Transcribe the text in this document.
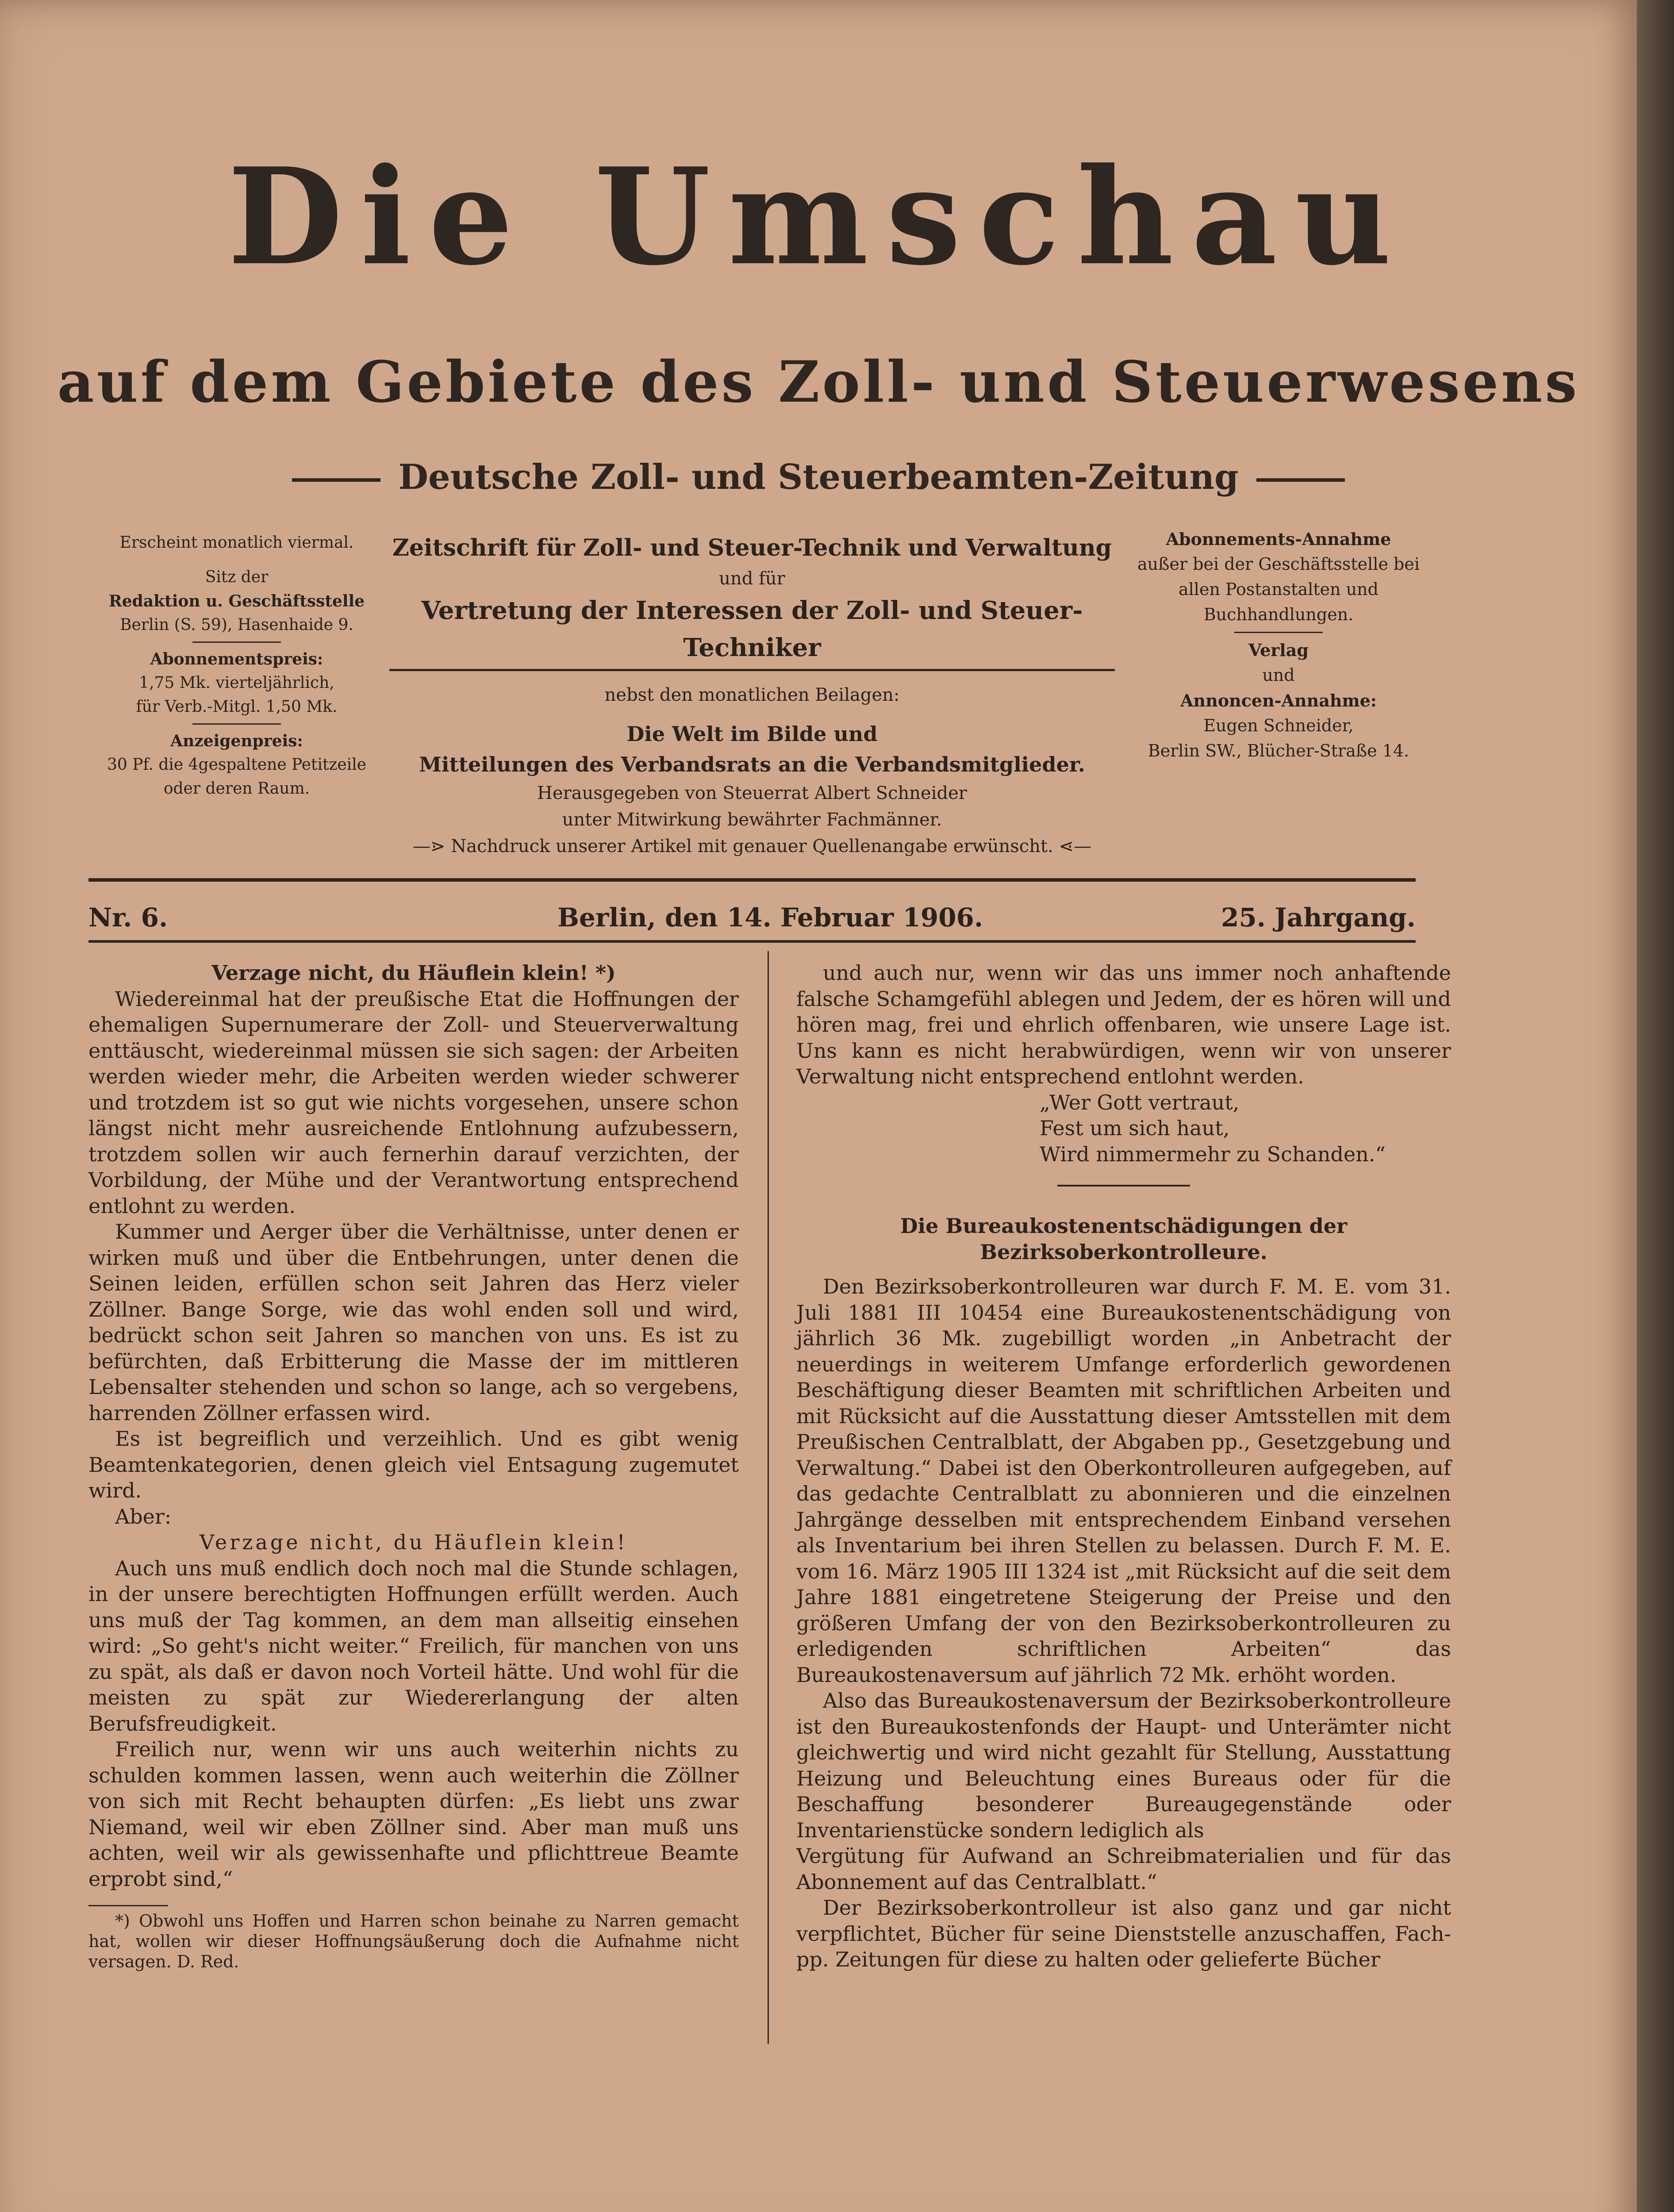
Die Umschau
auf dem Gebiete des Zoll- und Steuerwesens
Deutsche Zoll- und Steuerbeamten-Zeitung
Erscheint monatlich viermal.
Sitz der
Redaktion u. Geschäftsstelle
Berlin (S. 59), Hasenhaide 9.
Abonnementspreis:
1,75 Mk. vierteljährlich,
für Verb.-Mitgl. 1,50 Mk.
Anzeigenpreis:
30 Pf. die 4gespaltene Petitzeile
oder deren Raum.
Zeitschrift für Zoll- und Steuer-Technik und Verwaltung
und für
Vertretung der Interessen der Zoll- und Steuer-Techniker
nebst den monatlichen Beilagen:
Die Welt im Bilde und
Mitteilungen des Verbandsrats an die Verbandsmitglieder.
Herausgegeben von Steuerrat Albert Schneider
unter Mitwirkung bewährter Fachmänner.
—⋗ Nachdruck unserer Artikel mit genauer Quellenangabe erwünscht. ⋖—
Abonnements-Annahme
außer bei der Geschäftsstelle bei
allen Postanstalten und
Buchhandlungen.
Verlag
und
Annoncen-Annahme:
Eugen Schneider,
Berlin SW., Blücher-Straße 14.
Nr. 6.	Berlin, den 14. Februar 1906.	25. Jahrgang.

Verzage nicht, du Häuflein klein! *)

Wiedereinmal hat der preußische Etat die Hoffnungen der ehemaligen Supernumerare der Zoll- und Steuerverwaltung enttäuscht, wiedereinmal müssen sie sich sagen: der Arbeiten werden wieder mehr, die Arbeiten werden wieder schwerer und trotzdem ist so gut wie nichts vorgesehen, unsere schon längst nicht mehr ausreichende Entlohnung aufzubessern, trotzdem sollen wir auch fernerhin darauf verzichten, der Vorbildung, der Mühe und der Verantwortung entsprechend entlohnt zu werden.

Kummer und Aerger über die Verhältnisse, unter denen er wirken muß und über die Entbehrungen, unter denen die Seinen leiden, erfüllen schon seit Jahren das Herz vieler Zöllner. Bange Sorge, wie das wohl enden soll und wird, bedrückt schon seit Jahren so manchen von uns. Es ist zu befürchten, daß Erbitterung die Masse der im mittleren Lebensalter stehenden und schon so lange, ach so vergebens, harrenden Zöllner erfassen wird.

Es ist begreiflich und verzeihlich. Und es gibt wenig Beamtenkategorien, denen gleich viel Entsagung zugemutet wird.

Aber:

Verzage nicht, du Häuflein klein!

Auch uns muß endlich doch noch mal die Stunde schlagen, in der unsere berechtigten Hoffnungen erfüllt werden. Auch uns muß der Tag kommen, an dem man allseitig einsehen wird: „So geht's nicht weiter.“ Freilich, für manchen von uns zu spät, als daß er davon noch Vorteil hätte. Und wohl für die meisten zu spät zur Wiedererlangung der alten Berufsfreudigkeit.

Freilich nur, wenn wir uns auch weiterhin nichts zu schulden kommen lassen, wenn auch weiterhin die Zöllner von sich mit Recht behaupten dürfen: „Es liebt uns zwar Niemand, weil wir eben Zöllner sind. Aber man muß uns achten, weil wir als gewissenhafte und pflichttreue Beamte erprobt sind,“

*) Obwohl uns Hoffen und Harren schon beinahe zu Narren gemacht hat, wollen wir dieser Hoffnungsäußerung doch die Aufnahme nicht versagen. D. Red.

und auch nur, wenn wir das uns immer noch anhaftende falsche Schamgefühl ablegen und Jedem, der es hören will und hören mag, frei und ehrlich offenbaren, wie unsere Lage ist. Uns kann es nicht herabwürdigen, wenn wir von unserer Verwaltung nicht entsprechend entlohnt werden.

„Wer Gott vertraut,

Fest um sich haut,

Wird nimmermehr zu Schanden.“

Die Bureaukostenentschädigungen der

Bezirksoberkontrolleure.

Den Bezirksoberkontrolleuren war durch F. M. E. vom 31. Juli 1881 III 10454 eine Bureaukostenentschädigung von jährlich 36 Mk. zugebilligt worden „in Anbetracht der neuerdings in weiterem Umfange erforderlich gewordenen Beschäftigung dieser Beamten mit schriftlichen Arbeiten und mit Rücksicht auf die Ausstattung dieser Amtsstellen mit dem Preußischen Centralblatt, der Abgaben pp., Gesetzgebung und Verwaltung.“ Dabei ist den Oberkontrolleuren aufgegeben, auf das gedachte Centralblatt zu abonnieren und die einzelnen Jahrgänge desselben mit entsprechendem Einband versehen als Inventarium bei ihren Stellen zu belassen. Durch F. M. E. vom 16. März 1905 III 1324 ist „mit Rücksicht auf die seit dem Jahre 1881 eingetretene Steigerung der Preise und den größeren Umfang der von den Bezirksoberkontrolleuren zu erledigenden schriftlichen Arbeiten“ das Bureaukostenaversum auf jährlich 72 Mk. erhöht worden.

Also das Bureaukostenaversum der Bezirksoberkontrolleure ist den Bureaukostenfonds der Haupt- und Unterämter nicht gleichwertig und wird nicht gezahlt für Stellung, Ausstattung Heizung und Beleuchtung eines Bureaus oder für die Beschaffung besonderer Bureaugegenstände oder Inventarienstücke sondern lediglich als

Vergütung für Aufwand an Schreibmaterialien und für das Abonnement auf das Centralblatt.“

Der Bezirksoberkontrolleur ist also ganz und gar nicht verpflichtet, Bücher für seine Dienststelle anzuschaffen, Fach-pp. Zeitungen für diese zu halten oder gelieferte Bücher
